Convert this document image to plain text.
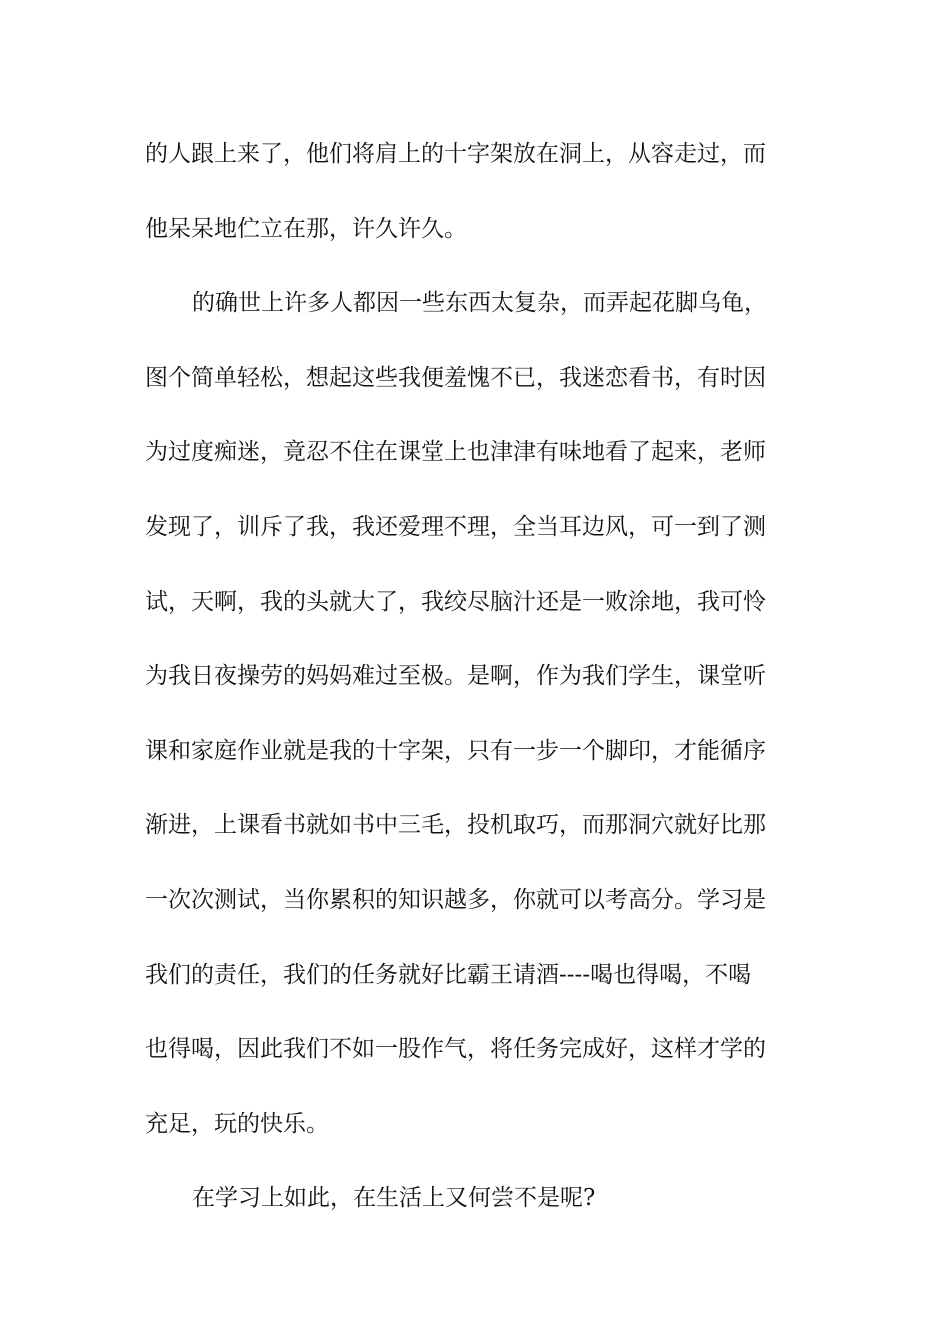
的人跟上来了，他们将肩上的十字架放在洞上，从容走过，而
他呆呆地伫立在那，许久许久。
的确世上许多人都因一些东西太复杂，而弄起花脚乌龟，
图个简单轻松，想起这些我便羞愧不已，我迷恋看书，有时因
为过度痴迷，竟忍不住在课堂上也津津有味地看了起来，老师
发现了，训斥了我，我还爱理不理，全当耳边风，可一到了测
试，天啊，我的头就大了，我绞尽脑汁还是一败涂地，我可怜
为我日夜操劳的妈妈难过至极。是啊，作为我们学生，课堂听
课和家庭作业就是我的十字架，只有一步一个脚印，才能循序
渐进，上课看书就如书中三毛，投机取巧，而那洞穴就好比那
一次次测试，当你累积的知识越多，你就可以考高分。学习是
我们的责任，我们的任务就好比霸王请酒----喝也得喝，不喝
也得喝，因此我们不如一股作气，将任务完成好，这样才学的
充足，玩的快乐。
在学习上如此，在生活上又何尝不是呢?
